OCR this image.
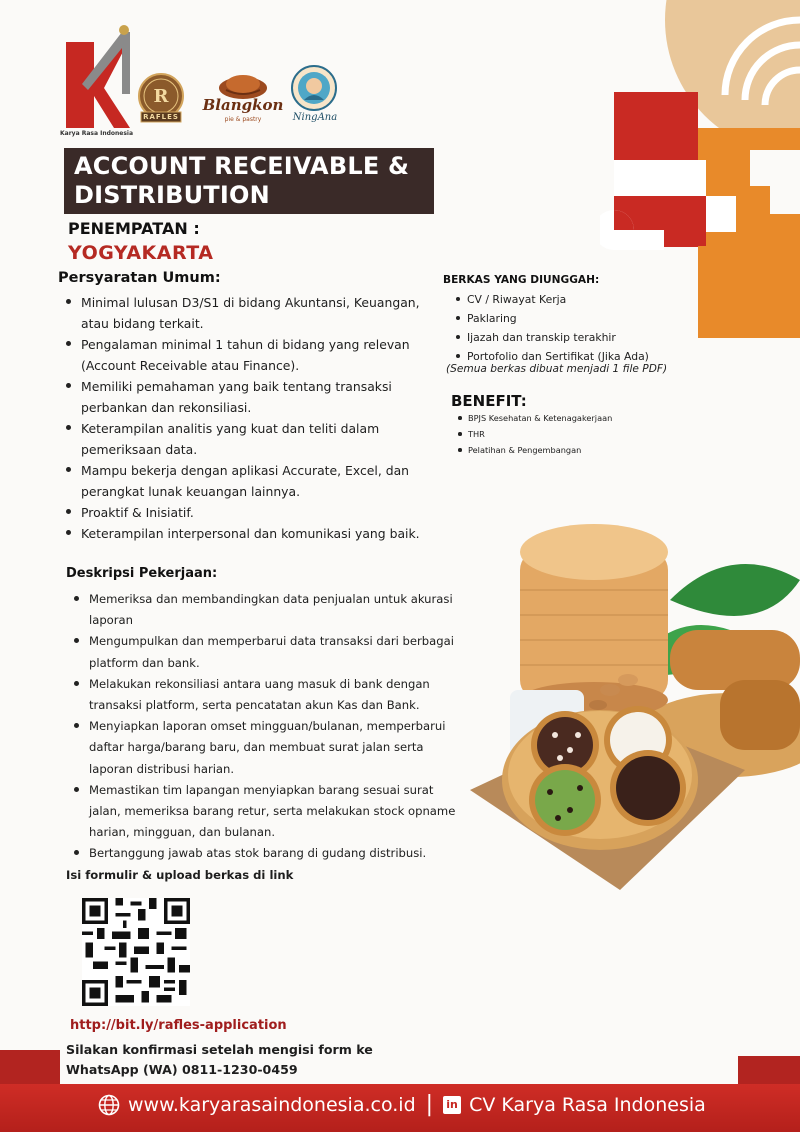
Karya Rasa Indonesia
R
RAFLES
Blangkon
pie & pastry	NingAna
ACCOUNT RECEIVABLE &
DISTRIBUTION
PENEMPATAN :
YOGYAKARTA
Persyaratan Umum:
Minimal lulusan D3/S1 di bidang Akuntansi, Keuangan, atau bidang terkait.
Pengalaman minimal 1 tahun di bidang yang relevan (Account Receivable atau Finance).
Memiliki pemahaman yang baik tentang transaksi perbankan dan rekonsiliasi.
Keterampilan analitis yang kuat dan teliti dalam pemeriksaan data.
Mampu bekerja dengan aplikasi Accurate, Excel, dan perangkat lunak keuangan lainnya.
Proaktif & Inisiatif.
Keterampilan interpersonal dan komunikasi yang baik.
Deskripsi Pekerjaan:
Memeriksa dan membandingkan data penjualan untuk akurasi laporan
Mengumpulkan dan memperbarui data transaksi dari berbagai platform dan bank.
Melakukan rekonsiliasi antara uang masuk di bank dengan transaksi platform, serta pencatatan akun Kas dan Bank.
Menyiapkan laporan omset mingguan/bulanan, memperbarui daftar harga/barang baru, dan membuat surat jalan serta laporan distribusi harian.
Memastikan tim lapangan menyiapkan barang sesuai surat jalan, memeriksa barang retur, serta melakukan stock opname harian, mingguan, dan bulanan.
Bertanggung jawab atas stok barang di gudang distribusi.
BERKAS YANG DIUNGGAH:
CV / Riwayat Kerja
Paklaring
Ijazah dan transkip terakhir
Portofolio dan Sertifikat (Jika Ada)
(Semua berkas dibuat menjadi 1 file PDF)
BENEFIT:
BPJS Kesehatan & Ketenagakerjaan
THR
Pelatihan & Pengembangan
Isi formulir & upload berkas di link
http://bit.ly/rafles-application
Silakan konfirmasi setelah mengisi form ke
WhatsApp (WA) 0811-1230-0459
www.karyarasaindonesia.co.id | in CV Karya Rasa Indonesia
